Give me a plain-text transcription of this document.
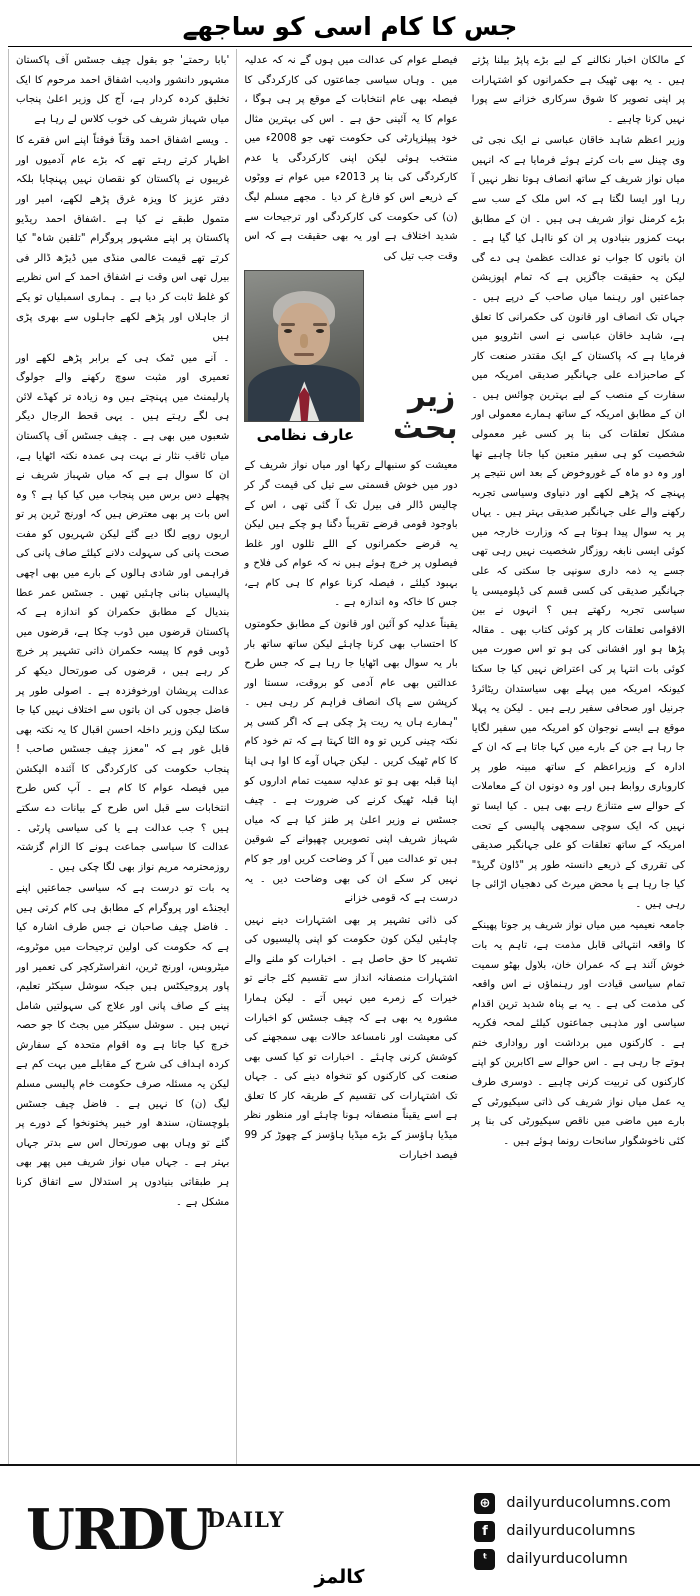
جس کا کام اسی کو ساجھے

'بابا رحمتے' جو بقول چیف جسٹس آف پاکستان مشہور دانشور وادیب اشفاق احمد مرحوم کا ایک تخلیق کردہ کردار ہے، آج کل وزیر اعلیٰ پنجاب میاں شہباز شریف کی خوب کلاس لے رہا ہے

۔ ویسے اشفاق احمد وقتاً فوقتاً اپنے اس فقرے کا اظہار کرتے رہتے تھے کہ بڑے عام آدمیوں اور غریبوں نے پاکستان کو نقصان نہیں پہنچایا بلکہ دفتر عزیز کا ویزہ غرق پڑھے لکھے، امیر اور متمول طبقے نے کیا ہے ۔اشفاق احمد ریڈیو پاکستان پر اپنے مشہور پروگرام "تلقین شاہ" کیا کرتے تھے قیمت عالمی منڈی میں ڈیڑھ ڈالر فی بیرل تھی اس وقت نے اشفاق احمد کے اس نظریے کو غلط ثابت کر دیا ہے ۔ ہماری اسمبلیاں تو یکے از جاہلاں اور پڑھے لکھے جاہلوں سے بھری پڑی ہیں

۔ آنے میں ٹمک ہی کے برابر پڑھے لکھے اور تعمیری اور مثبت سوچ رکھنے والے جولوگ پارلیمنٹ میں پہنچتے ہیں وہ زیادہ تر کھڈے لائن ہی لگے رہتے ہیں ۔ یہی قحط الرجال دیگر شعبوں میں بھی ہے ۔ چیف جسٹس آف پاکستان میاں ثاقب نثار نے بہت ہی عمدہ نکتہ اٹھایا ہے، ان کا سوال ہے ہے کہ میاں شہباز شریف نے پچھلے دس برس میں پنجاب میں کیا کیا ہے ؟ وہ اس بات پر بھی معترض ہیں کہ اورنج ٹرین پر تو اربوں روپے لگا دیے گئے لیکن شہریوں کو مفت صحت پانی کی سہولت دلانے کیلئے صاف پانی کی فراہمی اور شادی ہالوں کے بارے میں بھی اچھی پالیسیاں بنانی چاہئیں تھیں ۔ جسٹس عمر عطا بندیال کے مطابق حکمران کو اندازہ ہے کہ پاکستان قرضوں میں ڈوب چکا ہے، قرضوں میں ڈوبی قوم کا پیسہ حکمران ذاتی تشہیر پر خرچ کر رہے ہیں ، قرضوں کی صورتحال دیکھ کر عدالت پریشان اورخوفزدہ ہے ۔ اصولی طور پر فاضل ججوں کی ان باتوں سے اختلاف نہیں کیا جا سکتا لیکن وزیر داخلہ احسن اقبال کا یہ نکتہ بھی قابل غور ہے کہ "معزز چیف جسٹس صاحب ! پنجاب حکومت کی کارکردگی کا آئندہ الیکشن میں فیصلہ عوام کا کام ہے ۔ آپ کس طرح انتخابات سے قبل اس طرح کے بیانات دے سکتے ہیں ؟ جب عدالت ہے یا کی سیاسی پارٹی ۔ عدالت کا سیاسی جماعت ہونے کا الزام گزشتہ روزمحترمہ مریم نواز بھی لگا چکی ہیں ۔

یہ بات تو درست ہے کہ سیاسی جماعتیں اپنے ایجنڈے اور پروگرام کے مطابق ہی کام کرتی ہیں ۔ فاضل چیف صاحبان نے جس طرف اشارہ کیا ہے کہ حکومت کی اولین ترجیحات میں موٹروے، میٹروبس، اورنج ٹرین، انفراسٹرکچر کی تعمیر اور پاور پروجیکٹس ہیں جبکہ سوشل سیکٹر تعلیم، پینے کے صاف پانی اور علاج کی سہولتیں شامل نہیں ہیں ۔ سوشل سیکٹر میں بجٹ کا جو حصہ خرچ کیا جاتا ہے وہ اقوام متحدہ کے سفارش کردہ اہداف کی شرح کے مقابلے میں بہت کم ہے لیکن یہ مسئلہ صرف حکومت خام پالیسی مسلم لیگ (ن) کا نہیں ہے ۔ فاضل چیف جسٹس بلوچستان، سندھ اور خیبر پختونخوا کے دورے پر گئے تو وہاں بھی صورتحال اس سے بدتر جہاں بہتر ہے ۔ جہاں میاں نواز شریف میں پھر بھی ہر طبقاتی بنیادوں پر استدلال سے اتفاق کرنا مشکل ہے ۔

فیصلے عوام کی عدالت میں ہوں گے نہ کہ عدلیہ میں ۔ وہاں سیاسی جماعتوں کی کارکردگی کا فیصلہ بھی عام انتخابات کے موقع پر ہی ہوگا ، عوام کا یہ آئینی حق ہے ۔ اس کی بہترین مثال خود پیپلزپارٹی کی حکومت تھی جو 2008ء میں منتخب ہوئی لیکن اپنی کارکردگی یا عدم کارکردگی کی بنا پر 2013ء میں عوام نے ووٹوں کے ذریعے اس کو فارغ کر دیا ۔ مجھے مسلم لیگ (ن) کی حکومت کی کارکردگی اور ترجیحات سے شدید اختلاف ہے اور یہ بھی حقیقت ہے کہ اس وقت جب تیل کی

زیر بحث
عارف نظامی

معیشت کو سنبھالے رکھا اور میاں نواز شریف کے دور میں خوش قسمتی سے تیل کی قیمت گر کر چالیس ڈالر فی بیرل تک آ گئی تھی ، اس کے باوجود قومی قرضے تقریباً دگنا ہو چکے ہیں لیکن یہ قرضے حکمرانوں کے اللے تللوں اور غلط فیصلوں پر خرچ ہوئے ہیں نہ کہ عوام کی فلاح و بہبود کیلئے ، فیصلہ کرنا عوام کا ہی کام ہے، جس کا خاکہ وہ اندازہ ہے ۔

یقیناً عدلیہ کو آئین اور قانون کے مطابق حکومتوں کا احتساب بھی کرنا چاہئے لیکن ساتھ ساتھ بار بار یہ سوال بھی اٹھایا جا رہا ہے کہ جس طرح عدالتیں بھی عام آدمی کو بروقت، سستا اور کرپشن سے پاک انصاف فراہم کر رہی ہیں ۔ "ہمارے ہاں یہ ریت پڑ چکی ہے کہ اگر کسی پر نکتہ چینی کریں تو وہ الٹا کہتا ہے کہ تم خود کام کا کام ٹھیک کریں ۔ لیکن جہاں آوے کا اوا ہی اپنا اپنا قبلہ بھی ہو تو عدلیہ سمیت تمام اداروں کو اپنا قبلہ ٹھیک کرنے کی ضرورت ہے ۔ چیف جسٹس نے وزیر اعلیٰ پر طنز کیا ہے کہ میاں شہباز شریف اپنی تصویریں چھپوانے کے شوقین ہیں تو عدالت میں آ کر وضاحت کریں اور جو کام نہیں کر سکے ان کی بھی وضاحت دیں ۔ یہ درست ہے کہ قومی خزانے

کی ذاتی تشہیر پر بھی اشتہارات دینے نہیں چاہئیں لیکن کون حکومت کو اپنی پالیسیوں کی تشہیر کا حق حاصل ہے ۔ اخبارات کو ملنے والے اشتہارات منصفانہ انداز سے تقسیم کئے جانے تو خیرات کے زمرے میں نہیں آتے ۔ لیکن ہمارا مشورہ یہ بھی ہے کہ چیف جسٹس کو اخبارات کی معیشت اور نامساعد حالات بھی سمجھنے کی کوشش کرنی چاہئے ۔ اخبارات تو کیا کسی بھی صنعت کی کارکنوں کو تنخواہ دینے کی ۔ جہاں تک اشتہارات کی تقسیم کے طریقہ کار کا تعلق ہے اسے یقیناً منصفانہ ہونا چاہئے اور منظور نظر میڈیا ہاؤسز کے بڑے میڈیا ہاؤسز کے چھوڑ کر 99 فیصد اخبارات

کے مالکان اخبار نکالنے کے لیے بڑے پاپڑ بیلنا پڑتے ہیں ۔ یہ بھی ٹھیک ہے حکمرانوں کو اشتہارات پر اپنی تصویر کا شوق سرکاری خزانے سے پورا نہیں کرنا چاہیے ۔

وزیر اعظم شاہد خاقان عباسی نے ایک نجی ٹی وی چینل سے بات کرتے ہوئے فرمایا ہے کہ انہیں میاں نواز شریف کے ساتھ انصاف ہوتا نظر نہیں آ رہا اور ایسا لگتا ہے کہ اس ملک کے سب سے بڑے کرمنل نواز شریف ہی ہیں ۔ ان کے مطابق بہت کمزور بنیادوں پر ان کو نااہل کیا گیا ہے ۔ ان باتوں کا جواب تو عدالت عظمیٰ ہی دے گی لیکن یہ حقیقت جاگزیں ہے کہ تمام اپوزیشن جماعتیں اور رہنما میاں صاحب کے درپے ہیں ۔ جہاں تک انصاف اور قانون کی حکمرانی کا تعلق ہے، شاہد خاقان عباسی نے اسی انٹرویو میں فرمایا ہے کہ پاکستان کے ایک مقتدر صنعت کار کے صاحبزادے علی جہانگیر صدیقی امریکہ میں سفارت کے منصب کے لیے بہترین چوائس ہیں ۔ ان کے مطابق امریکہ کے ساتھ ہمارے معمولی اور مشکل تعلقات کی بنا پر کسی غیر معمولی شخصیت کو ہی سفیر متعین کیا جانا چاہیے تھا اور وہ دو ماہ کے غوروخوض کے بعد اس نتیجے پر پہنچے کہ پڑھے لکھے اور دنیاوی وسیاسی تجربہ رکھنے والے علی جہانگیر صدیقی بہتر ہیں ۔ یہاں پر یہ سوال پیدا ہوتا ہے کہ وزارت خارجہ میں کوئی ایسی نابغہ روزگار شخصیت نہیں رہی تھی جسے یہ ذمہ داری سونپی جا سکتی کہ علی جہانگیر صدیقی کی کسی قسم کی ڈپلومیسی یا سیاسی تجربہ رکھتے ہیں ؟ انہوں نے بین الاقوامی تعلقات کار پر کوئی کتاب بھی ۔ مقالہ پڑھا ہو اور افشانی کی ہو تو اس صورت میں کوئی بات انتہا پر کی اعتراض نہیں کیا جا سکتا کیونکہ امریکہ میں پہلے بھی سیاستدان ریٹائرڈ جرنیل اور صحافی سفیر رہے ہیں ۔ لیکن یہ پہلا موقع ہے ایسے نوجوان کو امریکہ میں سفیر لگایا جا رہا ہے جن کے بارے میں کہا جاتا ہے کہ ان کے ادارہ کے وزیراعظم کے ساتھ مبینہ طور پر کاروباری روابط ہیں اور وہ دونوں ان کے معاملات کے حوالے سے متنازع رہے بھی ہیں ۔ کیا ایسا تو نہیں کہ ایک سوچی سمجھی پالیسی کے تحت امریکہ کے ساتھ تعلقات کو علی جہانگیر صدیقی کی تقرری کے ذریعے دانستہ طور پر "ڈاون گریڈ" کیا جا رہا ہے یا محض میرٹ کی دھجیاں اڑائی جا رہی ہیں ۔

جامعہ نعیمیہ میں میاں نواز شریف پر جوتا پھینکے کا واقعہ انتہائی قابل مذمت ہے، تاہم یہ بات خوش آئند ہے کہ عمران خان، بلاول بھٹو سمیت تمام سیاسی قیادت اور رہنماؤں نے اس واقعہ کی مذمت کی ہے ۔ یہ بے پناہ شدید ترین اقدام سیاسی اور مذہبی جماعتوں کیلئے لمحہ فکریہ ہے ۔ کارکنوں میں برداشت اور رواداری ختم ہوتے جا رہی ہے ۔ اس حوالے سے اکابرین کو اپنے کارکنوں کی تربیت کرنی چاہیے ۔ دوسری طرف یہ عمل میاں نواز شریف کی ذاتی سیکیورٹی کے بارے میں ماضی میں ناقص سیکیورٹی کی بنا پر کئی ناخوشگوار سانحات رونما ہوئے ہیں ۔

URDU
DAILY
کالمز
⊕	dailyurducolumns.com
f	dailyurducolumns
ᵗ	dailyurducolumn
